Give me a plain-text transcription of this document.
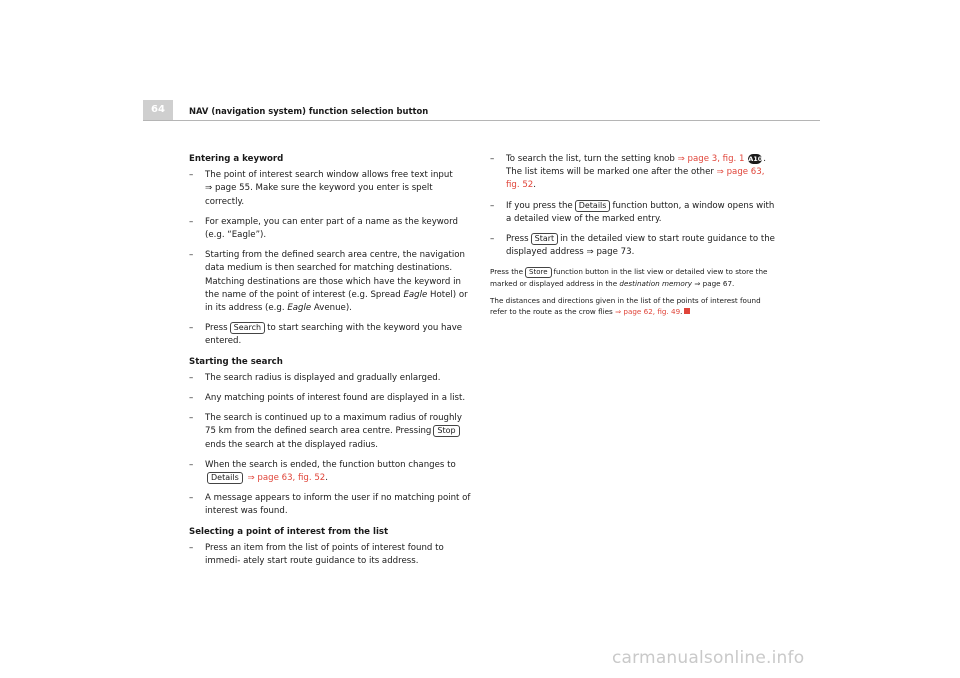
64	NAV (navigation system) function selection button
Entering a keyword
– The point of interest search window allows free text input
⇒ page 55. Make sure the keyword you enter is spelt correctly.
– For example, you can enter part of a name as the keyword (e.g. “Eagle”).
– Starting from the defined search area centre, the navigation data medium is then searched for matching destinations. Matching destinations are those which have the keyword in the name of the point of interest (e.g. Spread Eagle Hotel) or in its address (e.g. Eagle Avenue).
– Press Search to start searching with the keyword you have entered.
Starting the search
– The search radius is displayed and gradually enlarged.
– Any matching points of interest found are displayed in a list.
– The search is continued up to a maximum radius of roughly 75 km from the defined search area centre. Pressing Stopends the search at the displayed radius.
– When the search is ended, the function button changes to
Details ⇒ page 63, fig. 52.
– A message appears to inform the user if no matching point of interest was found.
Selecting a point of interest from the list
– Press an item from the list of points of interest found to immedi- ately start route guidance to its address.
– To search the list, turn the setting knob ⇒ page 3, fig. 1 A10. The list items will be marked one after the other ⇒ page 63, fig. 52.
– If you press the Details function button, a window opens with a detailed view of the marked entry.
– Press Start in the detailed view to start route guidance to the displayed address ⇒ page 73.
Press the Store function button in the list view or detailed view to store the marked or displayed address in the destination memory ⇒ page 67.
The distances and directions given in the list of the points of interest found refer to the route as the crow flies ⇒ page 62, fig. 49.
carmanualsonline.info
